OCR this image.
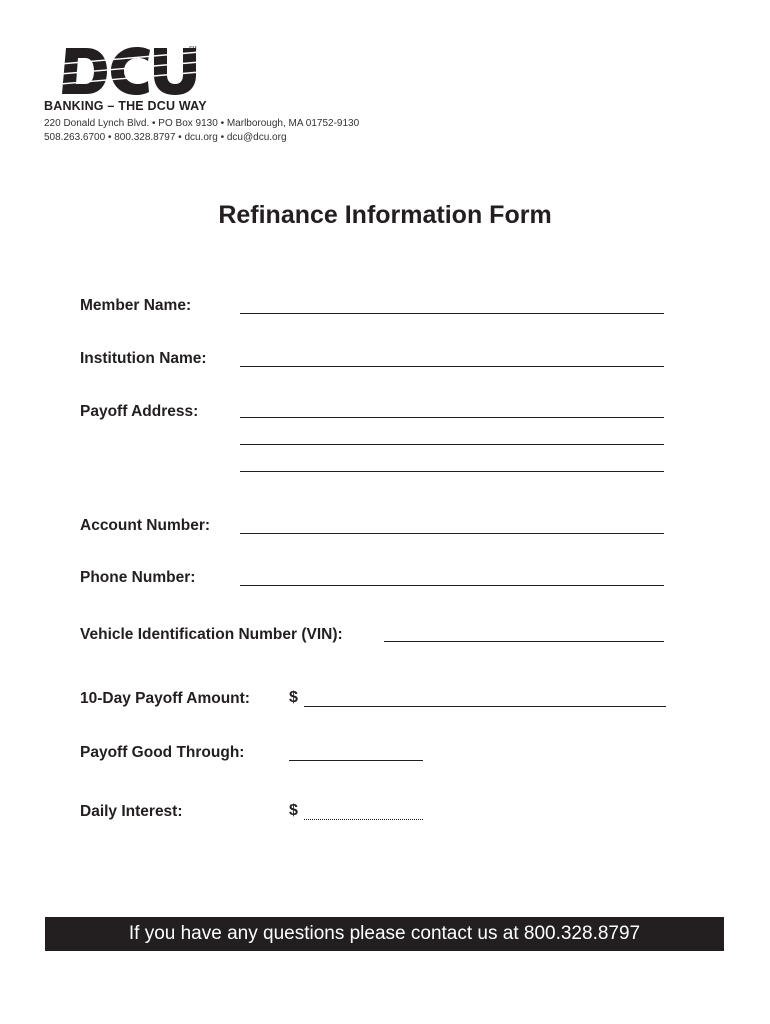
SM
BANKING – THE DCU WAY
220 Donald Lynch Blvd. • PO Box 9130 • Marlborough, MA 01752-9130
508.263.6700 • 800.328.8797 • dcu.org • dcu@dcu.org
Refinance Information Form
Member Name:
Institution Name:
Payoff Address:
Account Number:
Phone Number:
Vehicle Identification Number (VIN):
10-Day Payoff Amount: $
Payoff Good Through:
Daily Interest:	$
If you have any questions please contact us at 800.328.8797
